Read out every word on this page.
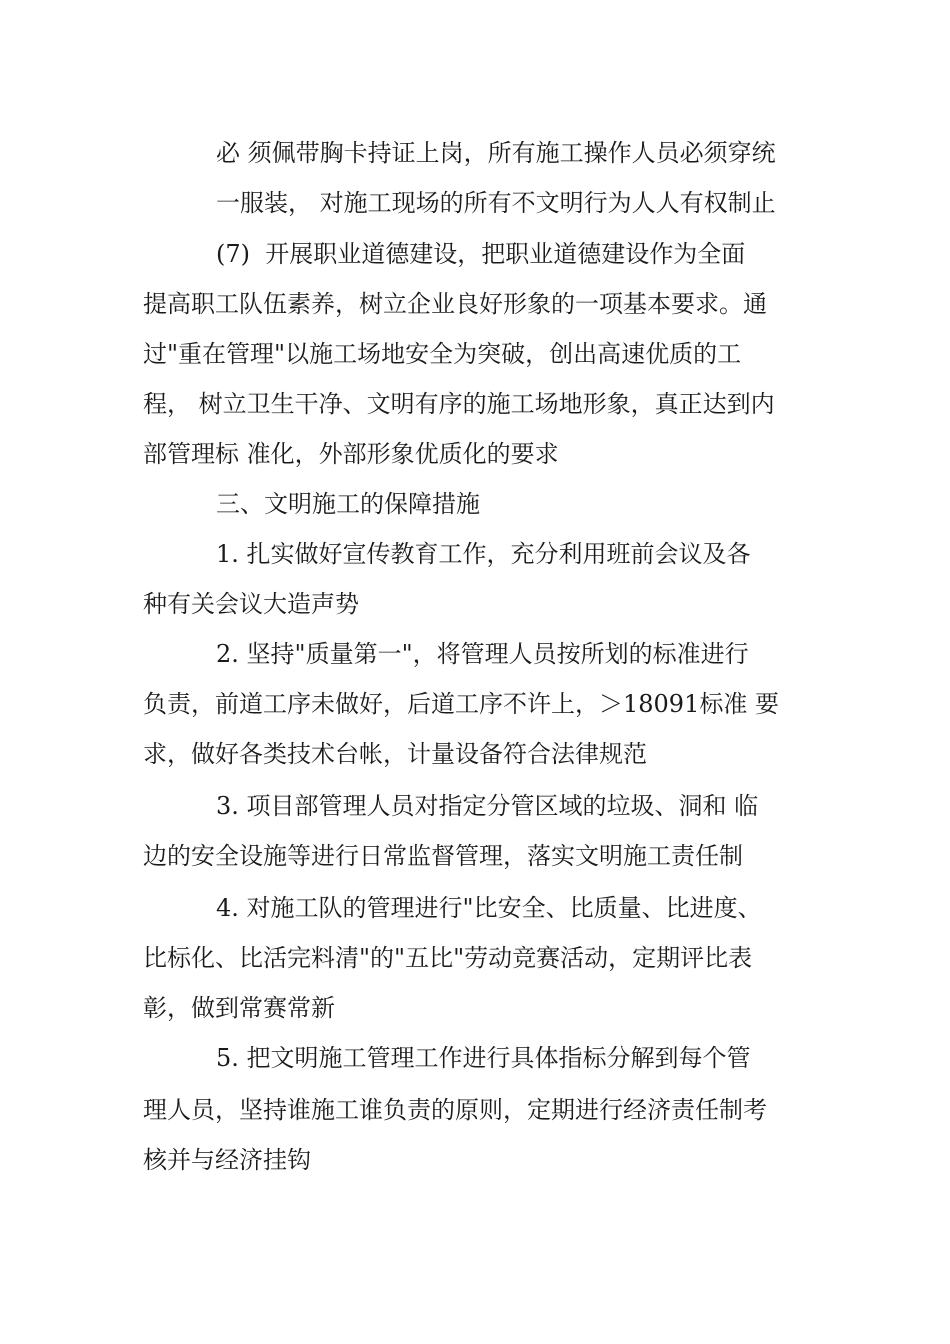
必 须佩带胸卡持证上岗，所有施工操作人员必须穿统
一服装， 对施工现场的所有不文明行为人人有权制止
(7)  开展职业道德建设，把职业道德建设作为全面
提高职工队伍素养，树立企业良好形象的一项基本要求。通
过"重在管理"以施工场地安全为突破，创出高速优质的工
程， 树立卫生干净、文明有序的施工场地形象，真正达到内
部管理标 准化，外部形象优质化的要求
三、文明施工的保障措施
1. 扎实做好宣传教育工作，充分利用班前会议及各
种有关会议大造声势
2. 坚持"质量第一"，将管理人员按所划的标准进行
负责，前道工序未做好，后道工序不许上，＞18091标准 要
求，做好各类技术台帐，计量设备符合法律规范
3. 项目部管理人员对指定分管区域的垃圾、洞和 临
边的安全设施等进行日常监督管理，落实文明施工责任制
4. 对施工队的管理进行"比安全、比质量、比进度、
比标化、比活完料清"的"五比"劳动竞赛活动，定期评比表
彰，做到常赛常新
5. 把文明施工管理工作进行具体指标分解到每个管
理人员，坚持谁施工谁负责的原则，定期进行经济责任制考
核并与经济挂钩
